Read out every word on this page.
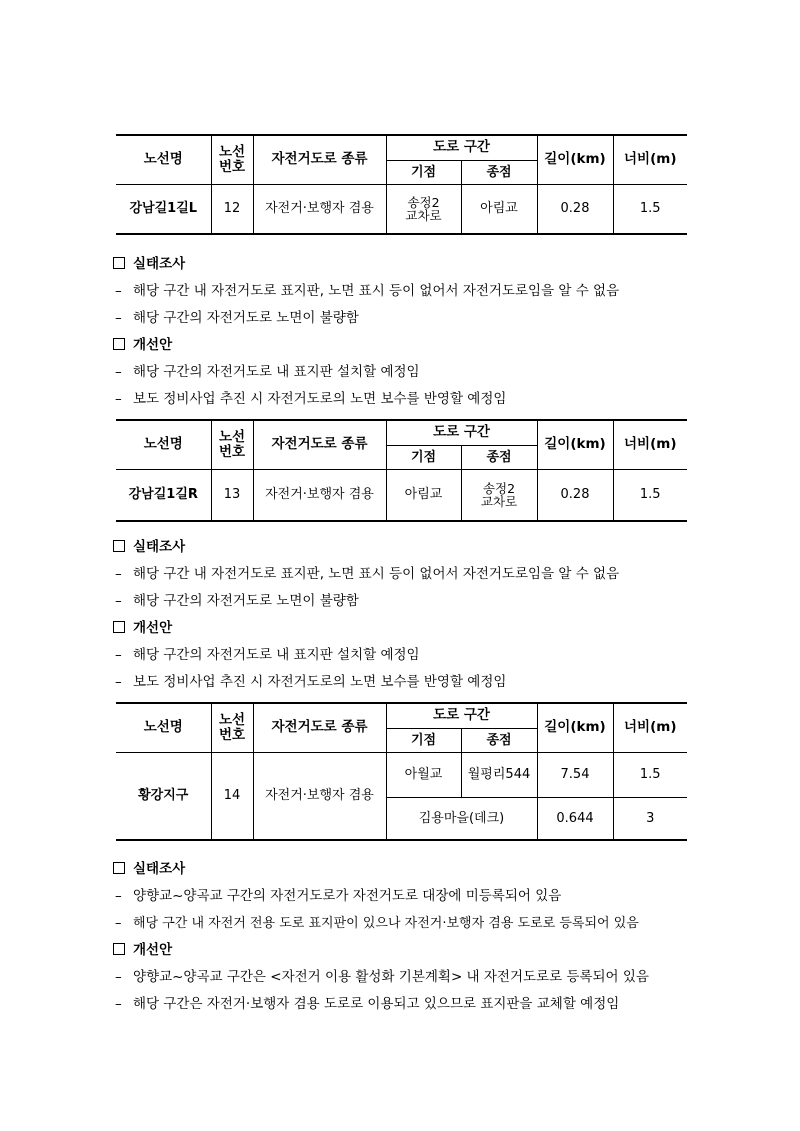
노선명	노선
번호	자전거도로 종류	도로 구간		길이(km)	너비(m)
			기점	종점		
강남길1길L	12	자전거·보행자 겸용	송정2
교차로	아림교	0.28	1.5
실태조사
– 해당 구간 내 자전거도로 표지판, 노면 표시 등이 없어서 자전거도로임을 알 수 없음
– 해당 구간의 자전거도로 노면이 불량함
개선안
– 해당 구간의 자전거도로 내 표지판 설치할 예정임
– 보도 정비사업 추진 시 자전거도로의 노면 보수를 반영할 예정임
노선명	노선
번호	자전거도로 종류	도로 구간		길이(km)	너비(m)
			기점	종점		
강남길1길R	13	자전거·보행자 겸용	아림교	송정2
교차로	0.28	1.5
실태조사
– 해당 구간 내 자전거도로 표지판, 노면 표시 등이 없어서 자전거도로임을 알 수 없음
– 해당 구간의 자전거도로 노면이 불량함
개선안
– 해당 구간의 자전거도로 내 표지판 설치할 예정임
– 보도 정비사업 추진 시 자전거도로의 노면 보수를 반영할 예정임
노선명	노선
번호	자전거도로 종류	도로 구간		길이(km)	너비(m)
			기점	종점		
황강지구	14	자전거·보행자 겸용	아월교	월평리544	7.54	1.5
			김용마을(데크)		0.644	3
실태조사
– 양향교~양곡교 구간의 자전거도로가 자전거도로 대장에 미등록되어 있음
– 해당 구간 내 자전거 전용 도로 표지판이 있으나 자전거·보행자 겸용 도로로 등록되어 있음
개선안
– 양향교~양곡교 구간은 <자전거 이용 활성화 기본계획> 내 자전거도로로 등록되어 있음
– 해당 구간은 자전거·보행자 겸용 도로로 이용되고 있으므로 표지판을 교체할 예정임
